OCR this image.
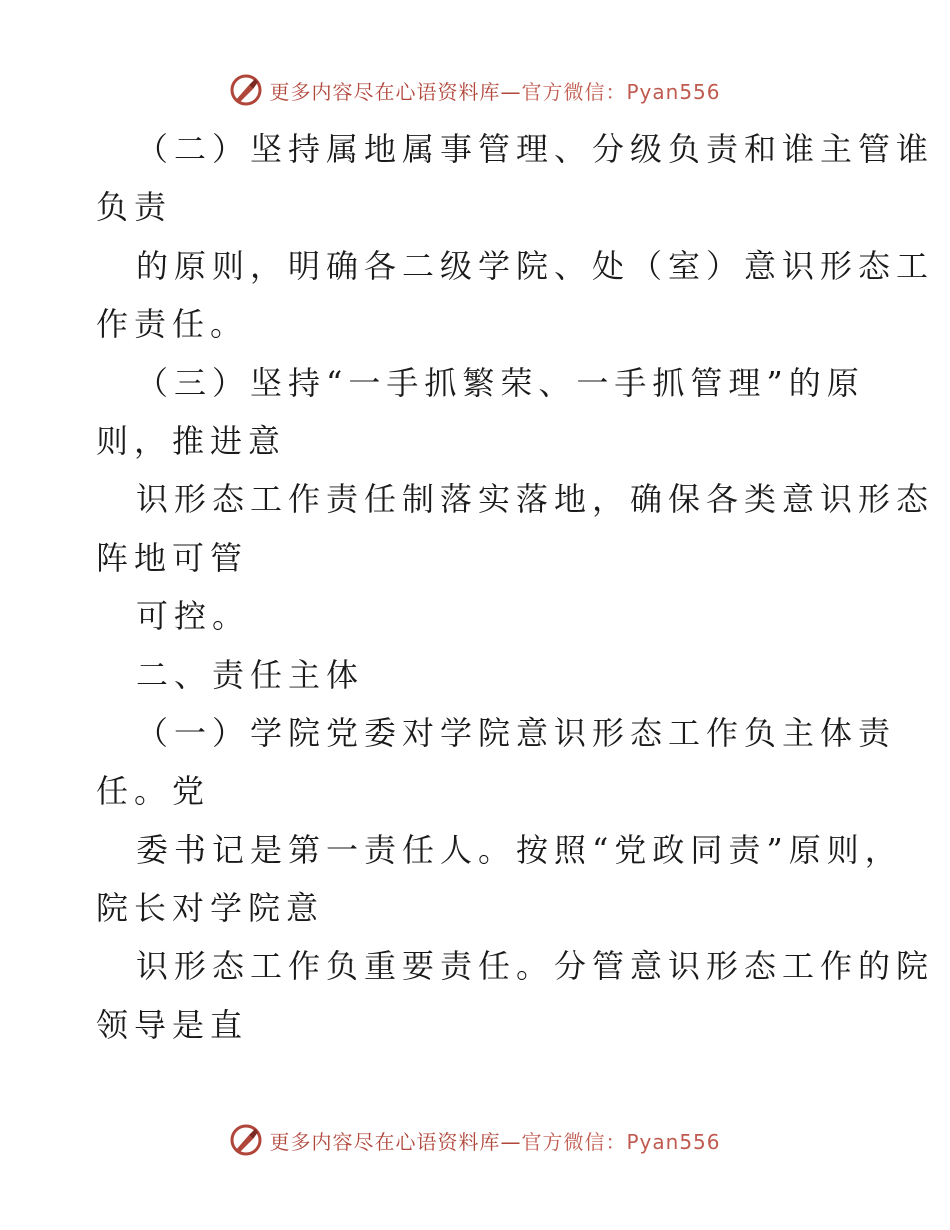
更多内容尽在心语资料库—官方微信：Pyan556
（二）坚持属地属事管理、分级负责和谁主管谁
负责
的原则，明确各二级学院、处（室）意识形态工
作责任。
（三）坚持“一手抓繁荣、一手抓管理”的原
则，推进意
识形态工作责任制落实落地，确保各类意识形态
阵地可管
可控。
二、责任主体
（一）学院党委对学院意识形态工作负主体责
任。党
委书记是第一责任人。按照“党政同责”原则，
院长对学院意
识形态工作负重要责任。分管意识形态工作的院
领导是直
更多内容尽在心语资料库—官方微信：Pyan556
